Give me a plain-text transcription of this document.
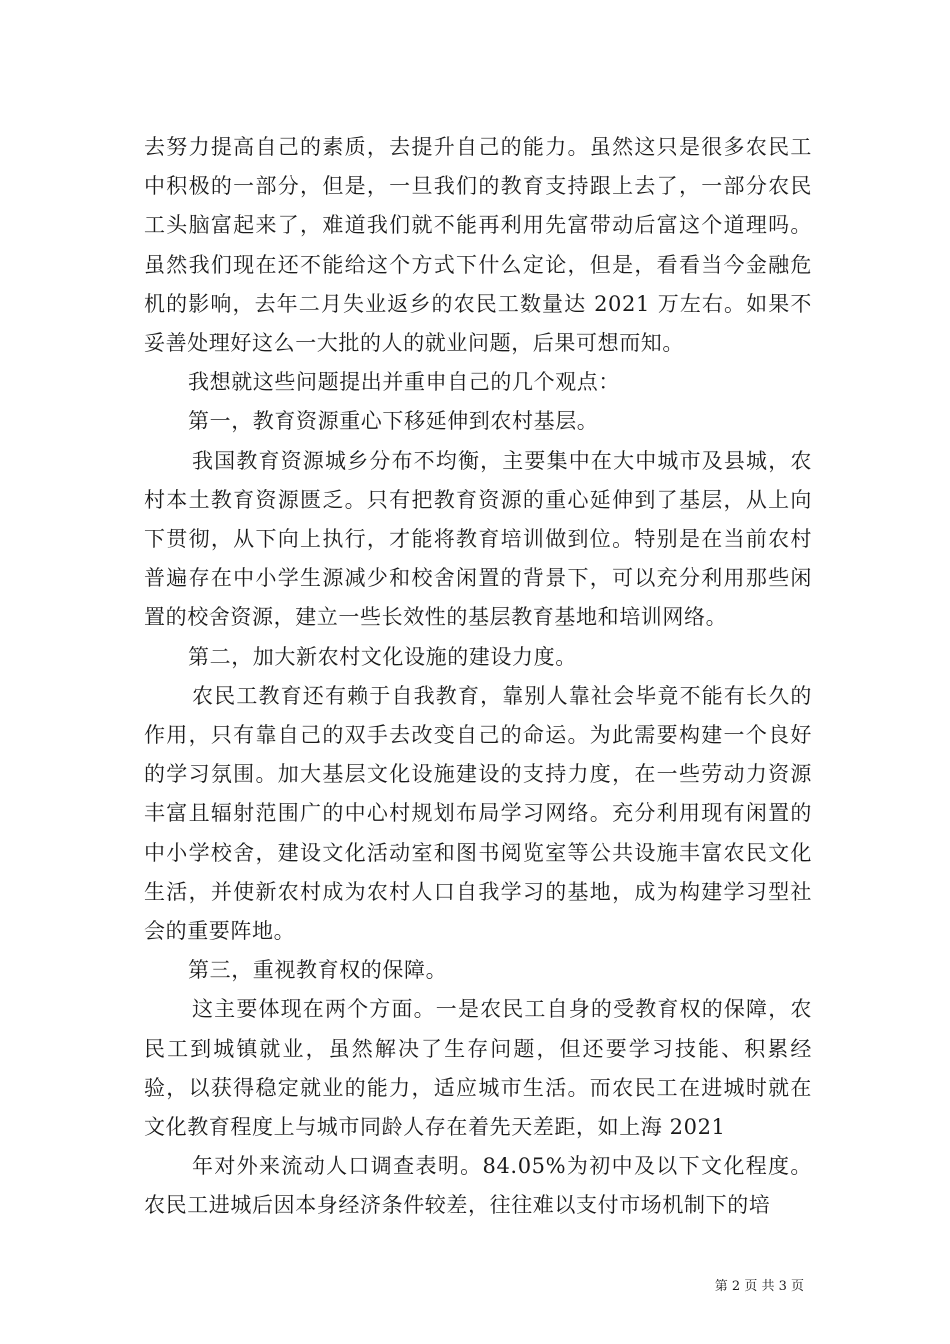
去努力提高自己的素质，去提升自己的能力。虽然这只是很多农民工中积极的一部分，但是，一旦我们的教育支持跟上去了，一部分农民工头脑富起来了，难道我们就不能再利用先富带动后富这个道理吗。虽然我们现在还不能给这个方式下什么定论，但是，看看当今金融危机的影响，去年二月失业返乡的农民工数量达 2021 万左右。如果不妥善处理好这么一大批的人的就业问题，后果可想而知。

我想就这些问题提出并重申自己的几个观点：

第一，教育资源重心下移延伸到农村基层。

我国教育资源城乡分布不均衡，主要集中在大中城市及县城，农村本土教育资源匮乏。只有把教育资源的重心延伸到了基层，从上向下贯彻，从下向上执行，才能将教育培训做到位。特别是在当前农村普遍存在中小学生源减少和校舍闲置的背景下，可以充分利用那些闲置的校舍资源，建立一些长效性的基层教育基地和培训网络。

第二，加大新农村文化设施的建设力度。

农民工教育还有赖于自我教育，靠别人靠社会毕竟不能有长久的作用，只有靠自己的双手去改变自己的命运。为此需要构建一个良好的学习氛围。加大基层文化设施建设的支持力度，在一些劳动力资源丰富且辐射范围广的中心村规划布局学习网络。充分利用现有闲置的中小学校舍，建设文化活动室和图书阅览室等公共设施丰富农民文化生活，并使新农村成为农村人口自我学习的基地，成为构建学习型社会的重要阵地。

第三，重视教育权的保障。

这主要体现在两个方面。一是农民工自身的受教育权的保障，农民工到城镇就业，虽然解决了生存问题，但还要学习技能、积累经验，以获得稳定就业的能力，适应城市生活。而农民工在进城时就在文化教育程度上与城市同龄人存在着先天差距，如上海 2021

年对外来流动人口调查表明。84.05%为初中及以下文化程度。农民工进城后因本身经济条件较差，往往难以支付市场机制下的培

第 2 页 共 3 页
